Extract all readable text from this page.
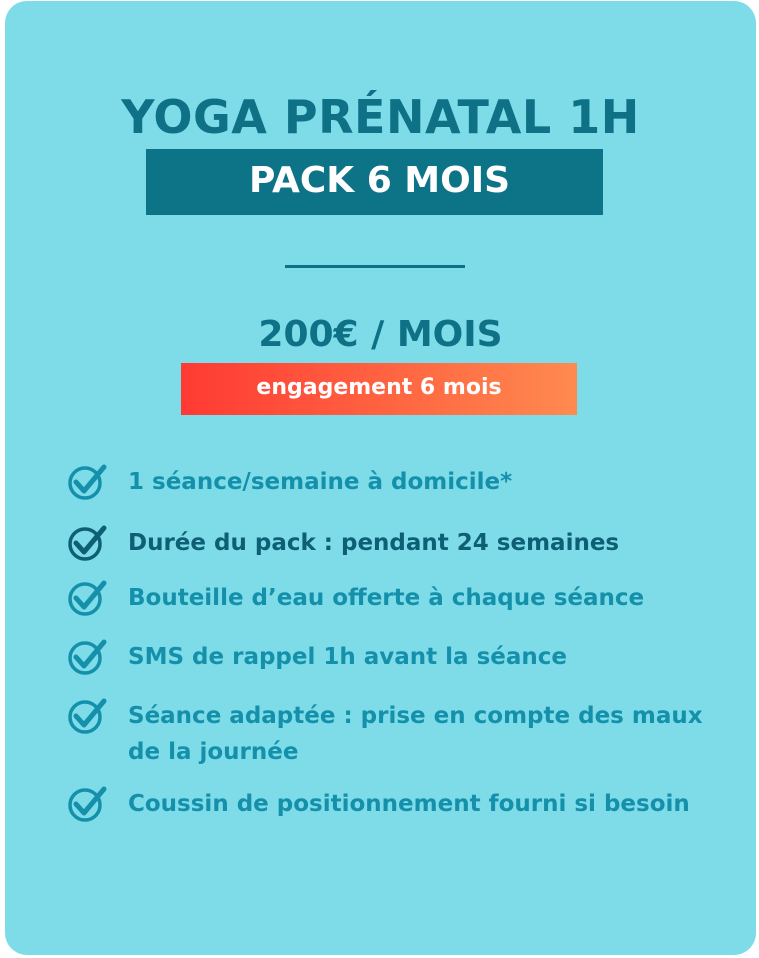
YOGA PRÉNATAL 1H
PACK 6 MOIS
200€ / MOIS
engagement 6 mois
1 séance/semaine à domicile*
Durée du pack : pendant 24 semaines
Bouteille d’eau offerte à chaque séance
SMS de rappel 1h avant la séance
Séance adaptée : prise en compte des maux de la journée
Coussin de positionnement fourni si besoin
